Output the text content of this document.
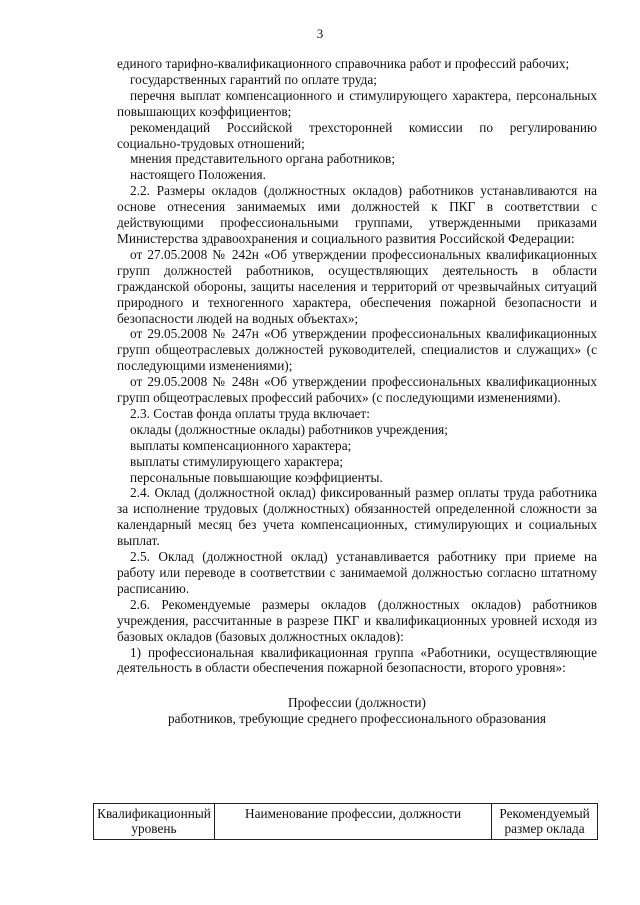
3

единого тарифно-квалификационного справочника работ и профессий рабочих;

государственных гарантий по оплате труда;

перечня выплат компенсационного и стимулирующего характера, персональных повышающих коэффициентов;

рекомендаций Российской трехсторонней комиссии по регулированию социально-трудовых отношений;

мнения представительного органа работников;

настоящего Положения.

2.2. Размеры окладов (должностных окладов) работников устанавливаются на основе отнесения занимаемых ими должностей к ПКГ в соответствии с действующими профессиональными группами, утвержденными приказами Министерства здравоохранения и социального развития Российской Федерации:

от 27.05.2008 № 242н «Об утверждении профессиональных квалификационных групп должностей работников, осуществляющих деятельность в области гражданской обороны, защиты населения и территорий от чрезвычайных ситуаций природного и техногенного характера, обеспечения пожарной безопасности и безопасности людей на водных объектах»;

от 29.05.2008 № 247н «Об утверждении профессиональных квалификационных групп общеотраслевых должностей руководителей, специалистов и служащих» (с последующими изменениями);

от 29.05.2008 № 248н «Об утверждении профессиональных квалификационных групп общеотраслевых профессий рабочих» (с последующими изменениями).

2.3. Состав фонда оплаты труда включает:

оклады (должностные оклады) работников учреждения;

выплаты компенсационного характера;

выплаты стимулирующего характера;

персональные повышающие коэффициенты.

2.4. Оклад (должностной оклад) фиксированный размер оплаты труда работника за исполнение трудовых (должностных) обязанностей определенной сложности за календарный месяц без учета компенсационных, стимулирующих и социальных выплат.

2.5. Оклад (должностной оклад) устанавливается работнику при приеме на работу или переводе в соответствии с занимаемой должностью согласно штатному расписанию.

2.6. Рекомендуемые размеры окладов (должностных окладов) работников учреждения, рассчитанные в разрезе ПКГ и квалификационных уровней исходя из базовых окладов (базовых должностных окладов):

1) профессиональная квалификационная группа «Работники, осуществляющие деятельность в области обеспечения пожарной безопасности, второго уровня»:

Профессии (должности)

работников, требующие среднего профессионального образования

Квалификационный уровень	Наименование профессии, должности	Рекомендуемый размер оклада
